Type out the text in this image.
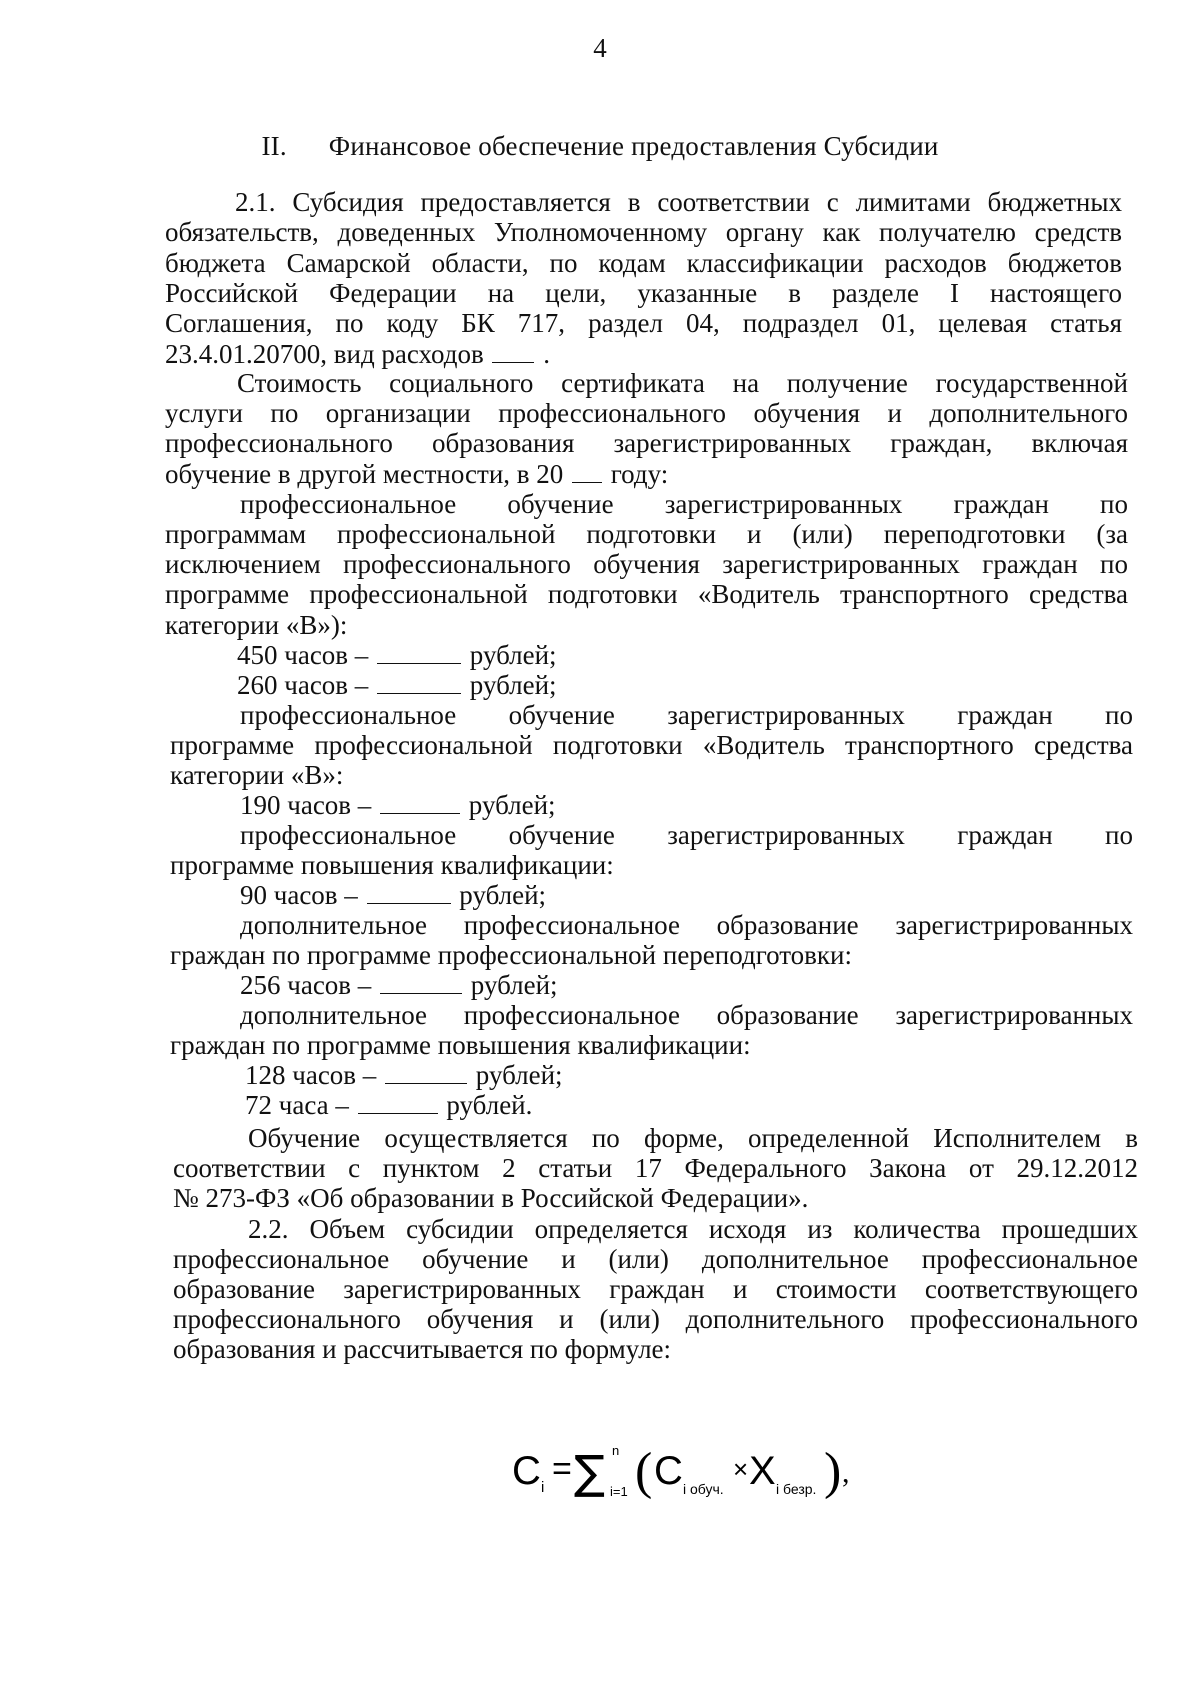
4
II. Финансовое обеспечение предоставления Субсидии
2.1. Субсидия предоставляется в соответствии с лимитами бюджетных
обязательств, доведенных Уполномоченному органу как получателю средств
бюджета Самарской области, по кодам классификации расходов бюджетов
Российской Федерации на цели, указанные в разделе I настоящего
Соглашения, по коду БК 717, раздел 04, подраздел 01, целевая статья
23.4.01.20700, вид расходов .
Стоимость социального сертификата на получение государственной
услуги по организации профессионального обучения и дополнительного
профессионального образования зарегистрированных граждан, включая
обучение в другой местности, в 20 году:
профессиональное обучение зарегистрированных граждан по
программам профессиональной подготовки и (или) переподготовки (за
исключением профессионального обучения зарегистрированных граждан по
программе профессиональной подготовки «Водитель транспортного средства
категории «В»):
450 часов –	рублей;
260 часов –	рублей;
профессиональное обучение зарегистрированных граждан по
программе профессиональной подготовки «Водитель транспортного средства
категории «В»:
190 часов –	рублей;
профессиональное обучение зарегистрированных граждан по
программе повышения квалификации:
90 часов –	рублей;
дополнительное профессиональное образование зарегистрированных
граждан по программе профессиональной переподготовки:
256 часов –	рублей;
дополнительное профессиональное образование зарегистрированных
граждан по программе повышения квалификации:
128 часов –	рублей;
72 часа –	рублей.
Обучение осуществляется по форме, определенной Исполнителем в
соответствии с пунктом 2 статьи 17 Федерального Закона от 29.12.2012
№ 273-ФЗ «Об образовании в Российской Федерации».
2.2. Объем субсидии определяется исходя из количества прошедших
профессиональное обучение и (или) дополнительное профессиональное
образование зарегистрированных граждан и стоимости соответствующего
профессионального обучения и (или) дополнительного профессионального
образования и рассчитывается по формуле:
C i = ∑ n
i=1 ( C i обуч.
× X i безр. ) ,
